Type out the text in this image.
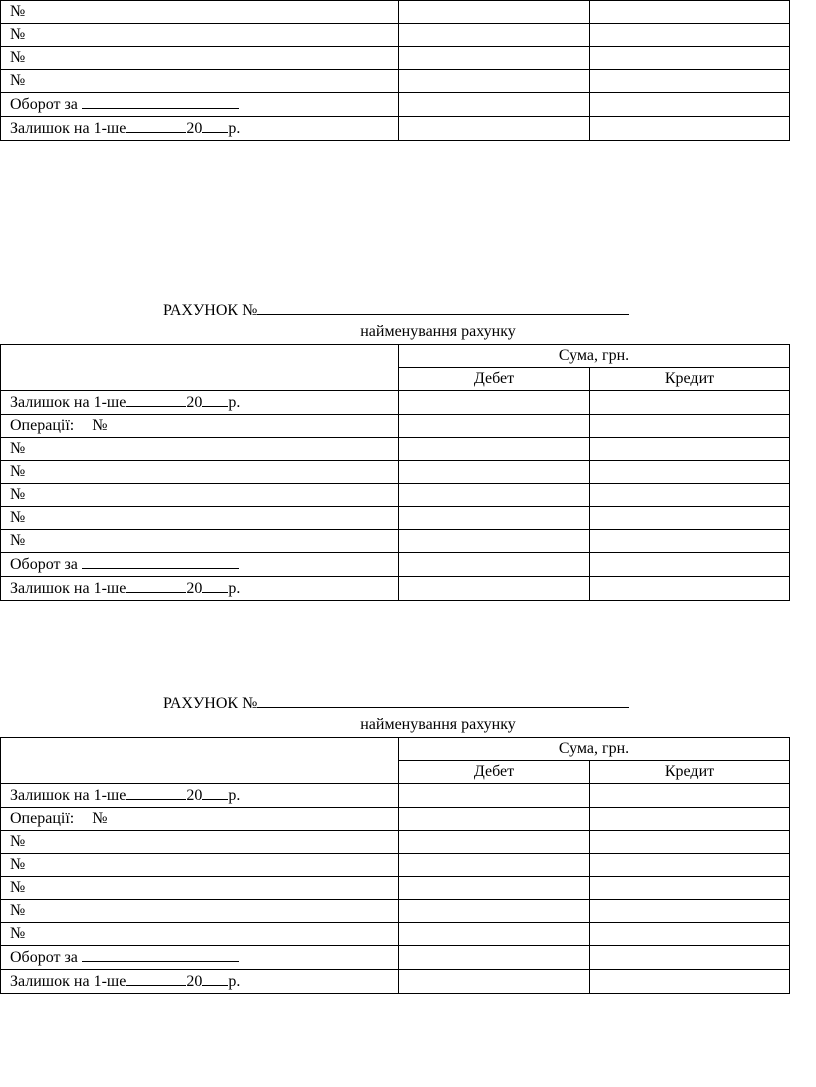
№		
№		
№		
№		
Оборот за		
Залишок на 1-ше 20 р.		
РАХУНОК №
найменування рахунку
	Сума, грн.	
	Дебет	Кредит
Залишок на 1-ше 20 р.		
Операції: №		
№		
№		
№		
№		
№		
Оборот за		
Залишок на 1-ше 20 р.		
РАХУНОК №
найменування рахунку
	Сума, грн.	
	Дебет	Кредит
Залишок на 1-ше 20 р.		
Операції: №		
№		
№		
№		
№		
№		
Оборот за		
Залишок на 1-ше 20 р.		
